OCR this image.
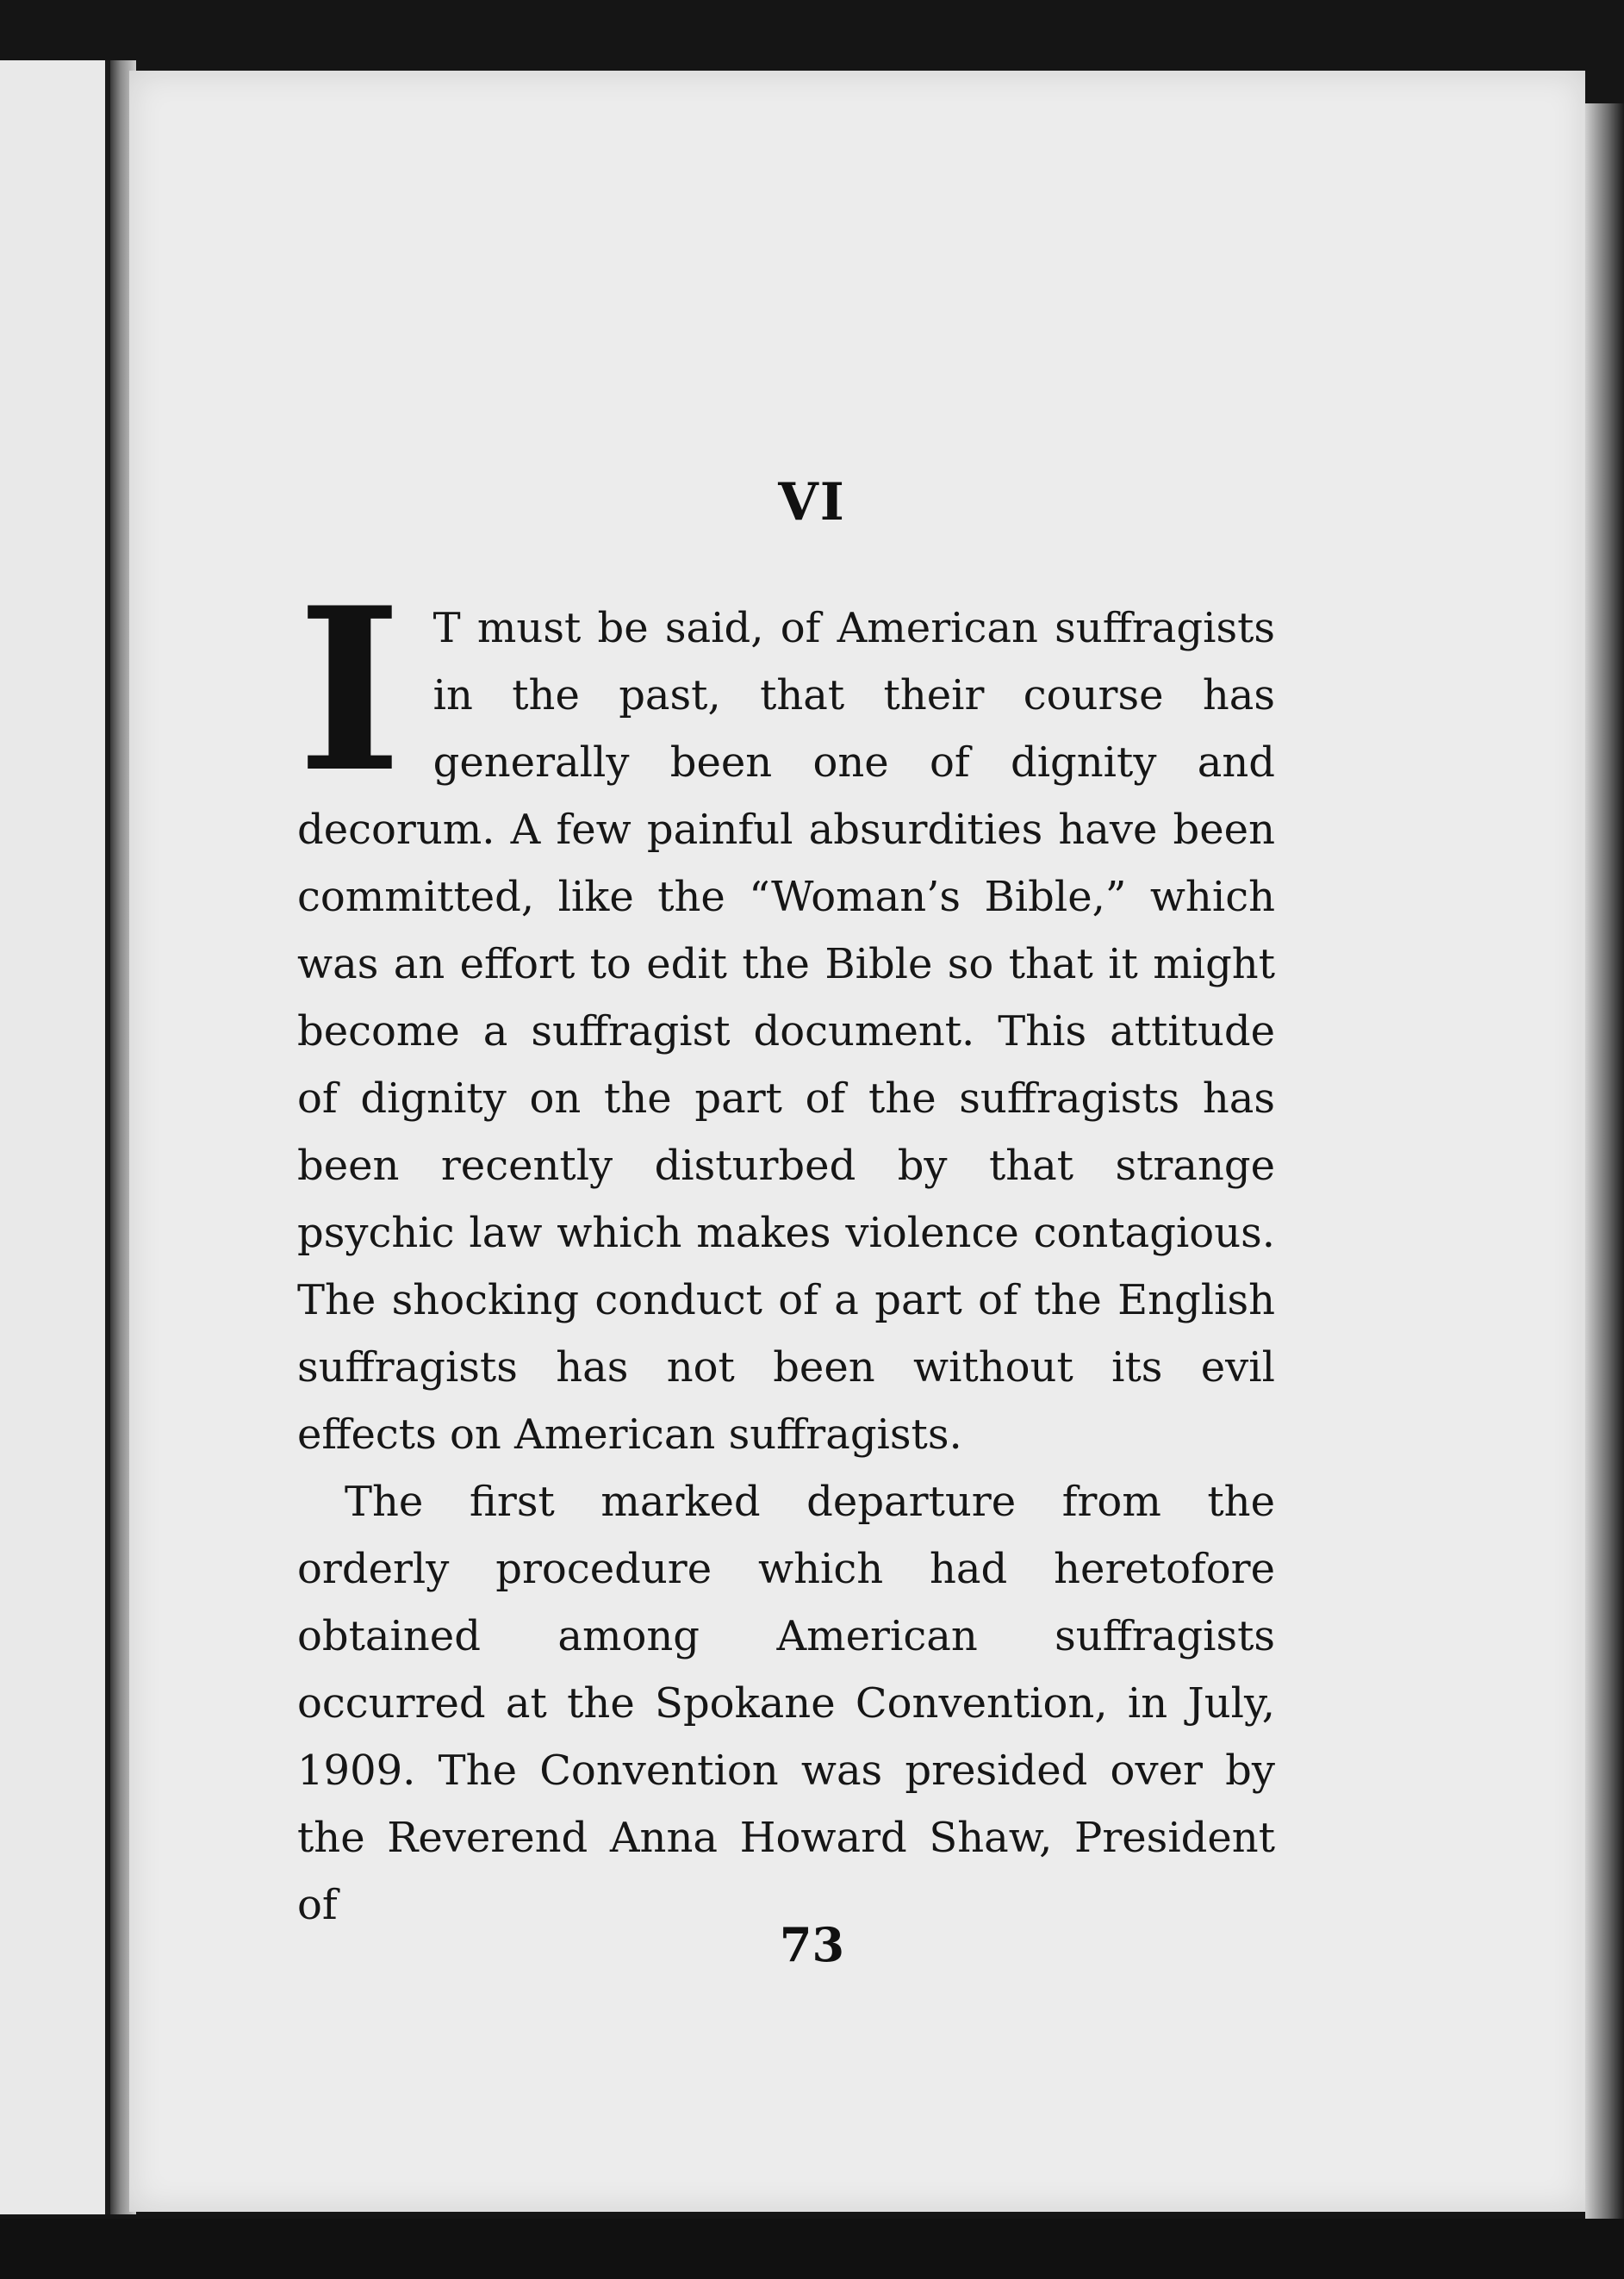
VI

I T must be said, of American suffragists in the past, that their course has generally been one of dignity and decorum. A few painful absurdities have been committed, like the “Woman’s Bible,” which was an effort to edit the Bible so that it might become a suffragist document. This attitude of dignity on the part of the suffragists has been recently disturbed by that strange psychic law which makes violence contagious. The shocking conduct of a part of the English suffragists has not been without its evil effects on American suffragists.

The first marked departure from the orderly procedure which had heretofore obtained among American suffragists occurred at the Spokane Convention, in July, 1909. The Convention was presided over by the Reverend Anna Howard Shaw, President of

73
